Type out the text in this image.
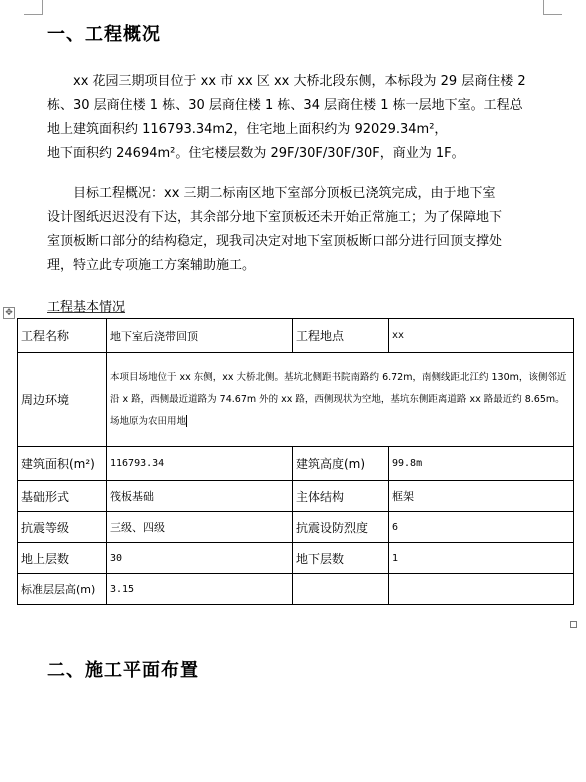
一、工程概况
xx 花园三期项目位于 xx 市 xx 区 xx 大桥北段东侧，本标段为 29 层商住楼 2
栋、30 层商住楼 1 栋、30 层商住楼 1 栋、34 层商住楼 1 栋一层地下室。工程总
地上建筑面积约 116793.34m2，住宅地上面积约为 92029.34m²，
地下面积约 24694m²。住宅楼层数为 29F/30F/30F/30F，商业为 1F。
目标工程概况：xx 三期二标南区地下室部分顶板已浇筑完成，由于地下室
设计图纸迟迟没有下达，其余部分地下室顶板还未开始正常施工；为了保障地下
室顶板断口部分的结构稳定，现我司决定对地下室顶板断口部分进行回顶支撑处
理，特立此专项施工方案辅助施工。
✥	工程基本情况

工程名称	地下室后浇带回顶	工程地点	xx
周边环境	本项目场地位于 xx 东侧，xx 大桥北侧。基坑北侧距书院南路约 6.72m，南侧线距北江约 130m，该侧邻近沿 x 路，西侧最近道路为 74.67m 外的 xx 路，西侧现状为空地，基坑东侧距离道路 xx 路最近约 8.65m。场地原为农田用地		
建筑面积(m²)	116793.34	建筑高度(m)	99.8m
基础形式	筏板基础	主体结构	框架
抗震等级	三级、四级	抗震设防烈度	6
地上层数	30	地下层数	1
标准层层高(m)	3.15		
二、施工平面布置
